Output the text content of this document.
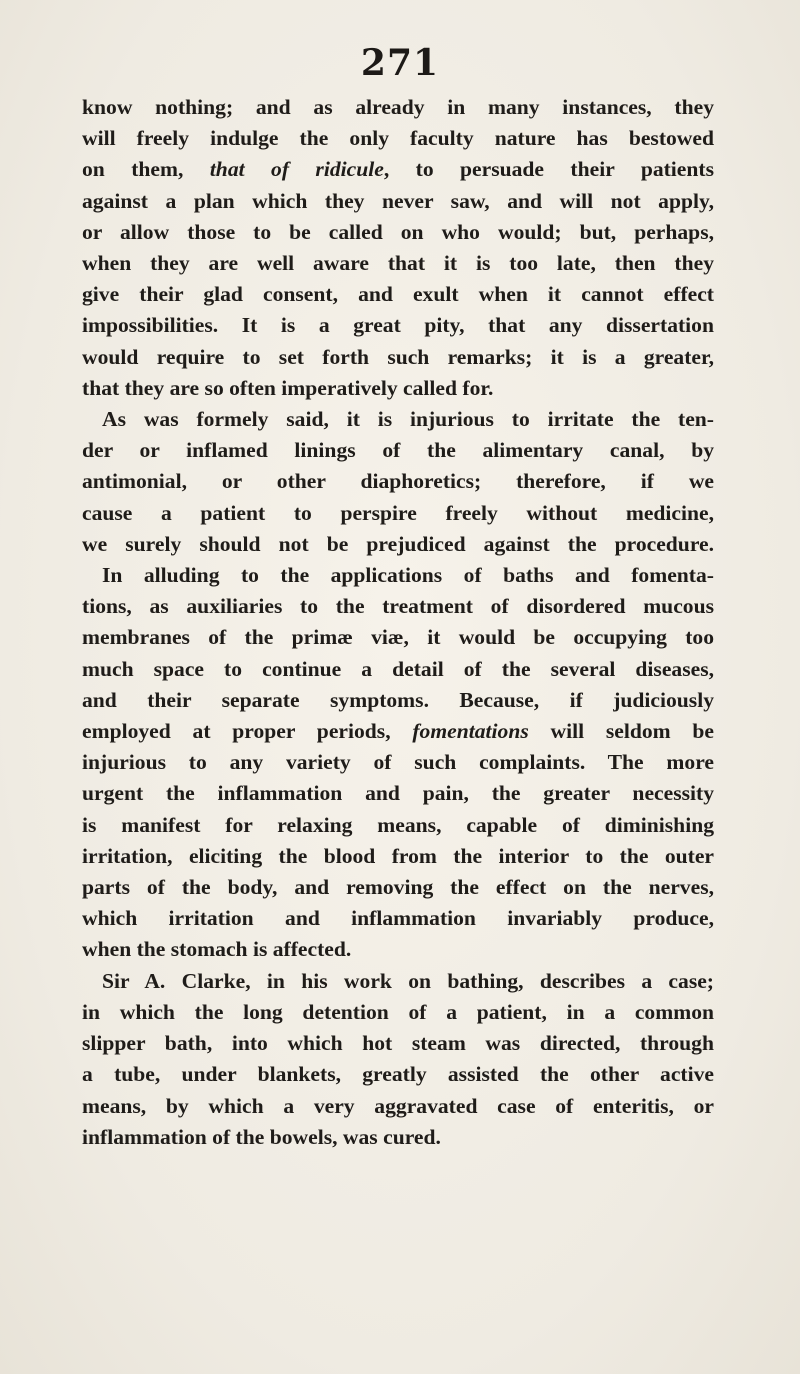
271
know nothing; and as already in many instances, they
will freely indulge the only faculty nature has bestowed
on them, that of ridicule, to persuade their patients
against a plan which they never saw, and will not apply,
or allow those to be called on who would; but, perhaps,
when they are well aware that it is too late, then they
give their glad consent, and exult when it cannot effect
impossibilities. It is a great pity, that any dissertation
would require to set forth such remarks; it is a greater,
that they are so often imperatively called for.
As was formely said, it is injurious to irritate the ten-
der or inflamed linings of the alimentary canal, by
antimonial, or other diaphoretics; therefore, if we
cause a patient to perspire freely without medicine,
we surely should not be prejudiced against the procedure.
In alluding to the applications of baths and fomenta-
tions, as auxiliaries to the treatment of disordered mucous
membranes of the primæ viæ, it would be occupying too
much space to continue a detail of the several diseases,
and their separate symptoms. Because, if judiciously
employed at proper periods, fomentations will seldom be
injurious to any variety of such complaints. The more
urgent the inflammation and pain, the greater necessity
is manifest for relaxing means, capable of diminishing
irritation, eliciting the blood from the interior to the outer
parts of the body, and removing the effect on the nerves,
which irritation and inflammation invariably produce,
when the stomach is affected.
Sir A. Clarke, in his work on bathing, describes a case;
in which the long detention of a patient, in a common
slipper bath, into which hot steam was directed, through
a tube, under blankets, greatly assisted the other active
means, by which a very aggravated case of enteritis, or
inflammation of the bowels, was cured.
